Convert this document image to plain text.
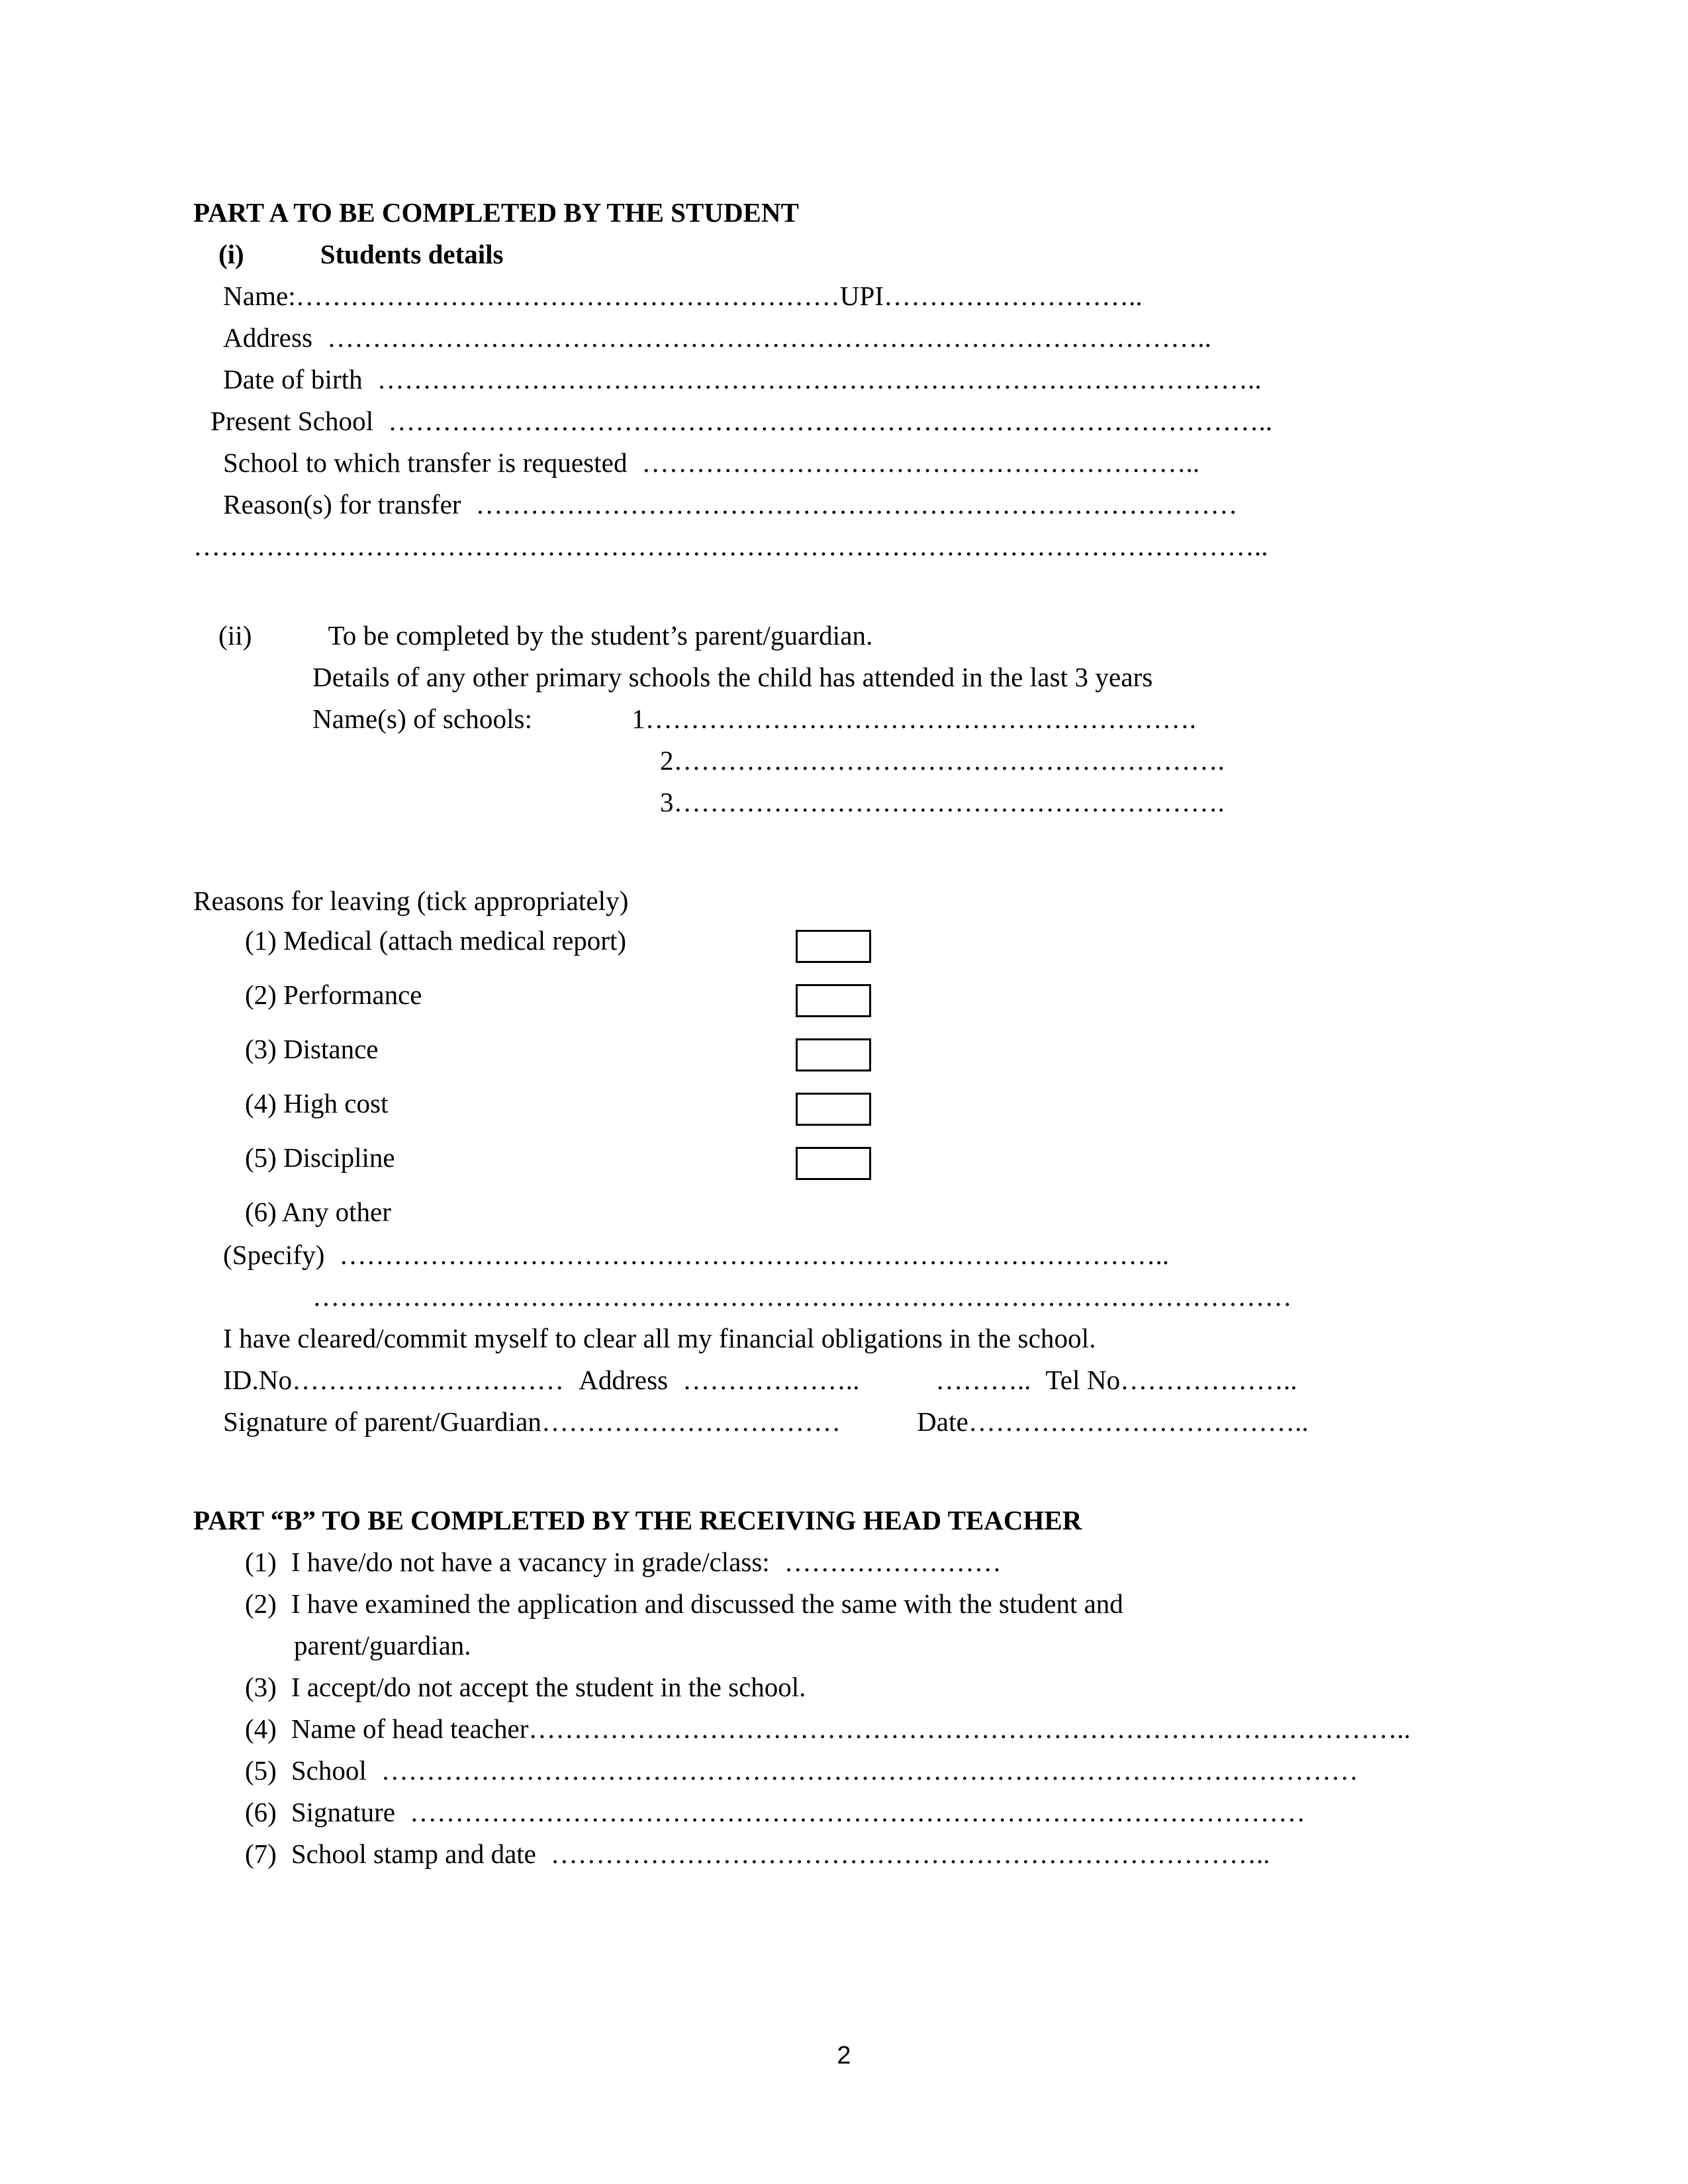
PART A TO BE COMPLETED BY THE STUDENT
(i)	Students details
Name:……………………………………………………UPI………………………..
Address ……………………………………………………………………………………..
Date of birth ……………………………………………………………………………………..
Present School ……………………………………………………………………………………..
School to which transfer is requested ……………………………………………………..
Reason(s) for transfer …………………………………………………………………………
………………………………………………………………………………………………………..
(ii)	To be completed by the student’s parent/guardian.
Details of any other primary schools the child has attended in the last 3 years
Name(s) of schools:	1…………………………………………………….
2…………………………………………………….
3…………………………………………………….
Reasons for leaving (tick appropriately)
(1) Medical (attach medical report)
(2) Performance
(3) Distance
(4) High cost
(5) Discipline
(6) Any other
(Specify) ………………………………………………………………………………..
………………………………………………………………………………………………
I have cleared/commit myself to clear all my financial obligations in the school.
ID.No………………………… Address ………………..	……….. Tel No………………..
Signature of parent/Guardian……………………………	Date………………………………..
PART “B” TO BE COMPLETED BY THE RECEIVING HEAD TEACHER
(1) I have/do not have a vacancy in grade/class: ……………………
(2) I have examined the application and discussed the same with the student and
parent/guardian.
(3) I accept/do not accept the student in the school.
(4) Name of head teacher……………………………………………………………………………………..
(5) School ………………………………………………………………………………………………
(6) Signature ………………………………………………………………………………………
(7) School stamp and date ……………………………………………………………………..
2
